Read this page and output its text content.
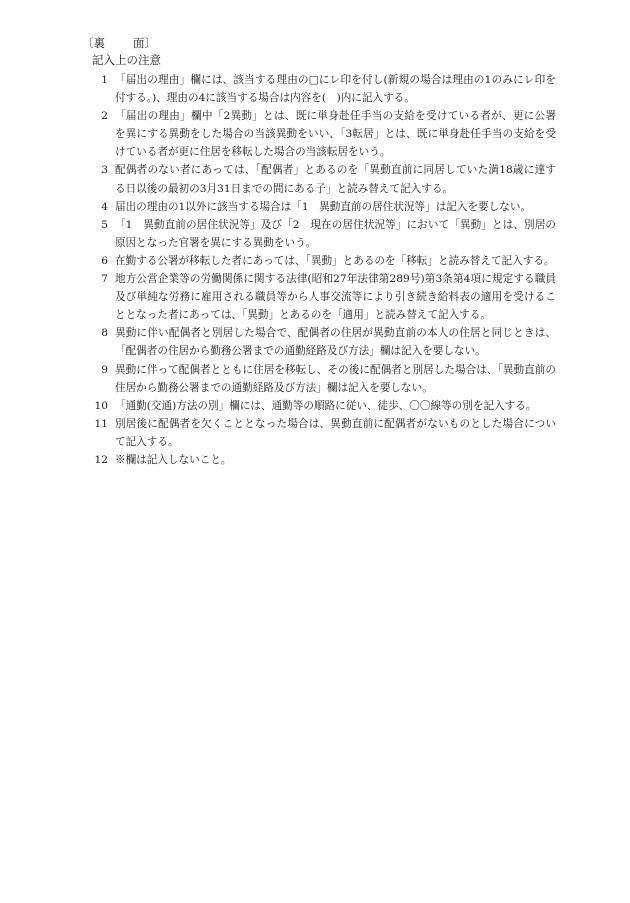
〔裏 面〕
記入上の注意
1 「届出の理由」欄には、該当する理由の□にレ印を付し(新規の場合は理由の1のみにレ印を付する。)、理由の4に該当する場合は内容を(　)内に記入する。
2 「届出の理由」欄中「2異動」とは、既に単身赴任手当の支給を受けている者が、更に公署を異にする異動をした場合の当該異動をいい、「3転居」とは、既に単身赴任手当の支給を受けている者が更に住居を移転した場合の当該転居をいう。
3 配偶者のない者にあっては、「配偶者」とあるのを「異動直前に同居していた満18歳に達する日以後の最初の3月31日までの間にある子」と読み替えて記入する。
4 届出の理由の1以外に該当する場合は「1　異動直前の居住状況等」は記入を要しない。
5 「1　異動直前の居住状況等」及び「2　現在の居住状況等」において「異動」とは、別居の原因となった官署を異にする異動をいう。
6 在勤する公署が移転した者にあっては、「異動」とあるのを「移転」と読み替えて記入する。
7 地方公営企業等の労働関係に関する法律(昭和27年法律第289号)第3条第4項に規定する職員及び単純な労務に雇用される職員等から人事交流等により引き続き給料表の適用を受けることとなった者にあっては、「異動」とあるのを「適用」と読み替えて記入する。
8 異動に伴い配偶者と別居した場合で、配偶者の住居が異動直前の本人の住居と同じときは、「配偶者の住居から勤務公署までの通勤経路及び方法」欄は記入を要しない。
9 異動に伴って配偶者とともに住居を移転し、その後に配偶者と別居した場合は、「異動直前の住居から勤務公署までの通勤経路及び方法」欄は記入を要しない。
10 「通勤(交通)方法の別」欄には、通勤等の順路に従い、徒歩、〇〇線等の別を記入する。
11 別居後に配偶者を欠くこととなった場合は、異動直前に配偶者がないものとした場合について記入する。
12 ※欄は記入しないこと。
